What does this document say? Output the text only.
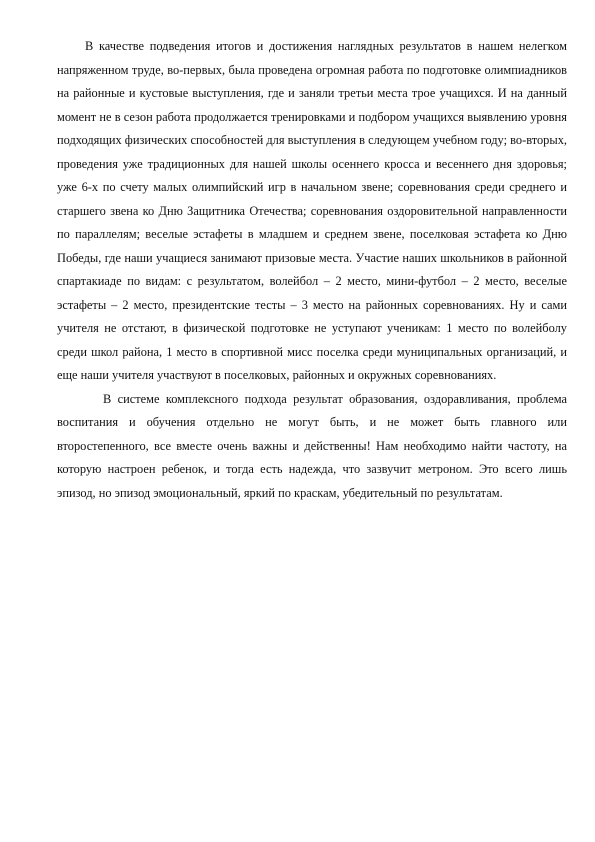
В качестве подведения итогов и достижения наглядных результатов в нашем нелегком напряженном труде, во-первых, была проведена огромная работа по подготовке олимпиадников на районные и кустовые выступления, где и заняли третьи места трое учащихся. И на данный момент не в сезон работа продолжается тренировками и подбором учащихся выявлению уровня подходящих физических способностей для выступления в следующем учебном году; во-вторых, проведения уже традиционных для нашей школы осеннего кросса и весеннего дня здоровья; уже 6-х по счету малых олимпийский игр в начальном звене; соревнования среди среднего и старшего звена ко Дню Защитника Отечества; соревнования оздоровительной направленности по параллелям; веселые эстафеты в младшем и среднем звене, поселковая эстафета ко Дню Победы, где наши учащиеся занимают призовые места. Участие наших школьников в районной спартакиаде по видам: с результатом, волейбол – 2 место, мини-футбол – 2 место, веселые эстафеты – 2 место, президентские тесты – 3 место на районных соревнованиях. Ну и сами учителя не отстают, в физической подготовке не уступают ученикам: 1 место по волейболу среди школ района, 1 место в спортивной мисс поселка среди муниципальных организаций, и еще наши учителя участвуют в поселковых, районных и окружных соревнованиях.

В системе комплексного подхода результат образования, оздоравливания, проблема воспитания и обучения отдельно не могут быть, и не может быть главного или второстепенного, все вместе очень важны и действенны! Нам необходимо найти частоту, на которую настроен ребенок, и тогда есть надежда, что зазвучит метроном. Это всего лишь эпизод, но эпизод эмоциональный, яркий по краскам, убедительный по результатам.
